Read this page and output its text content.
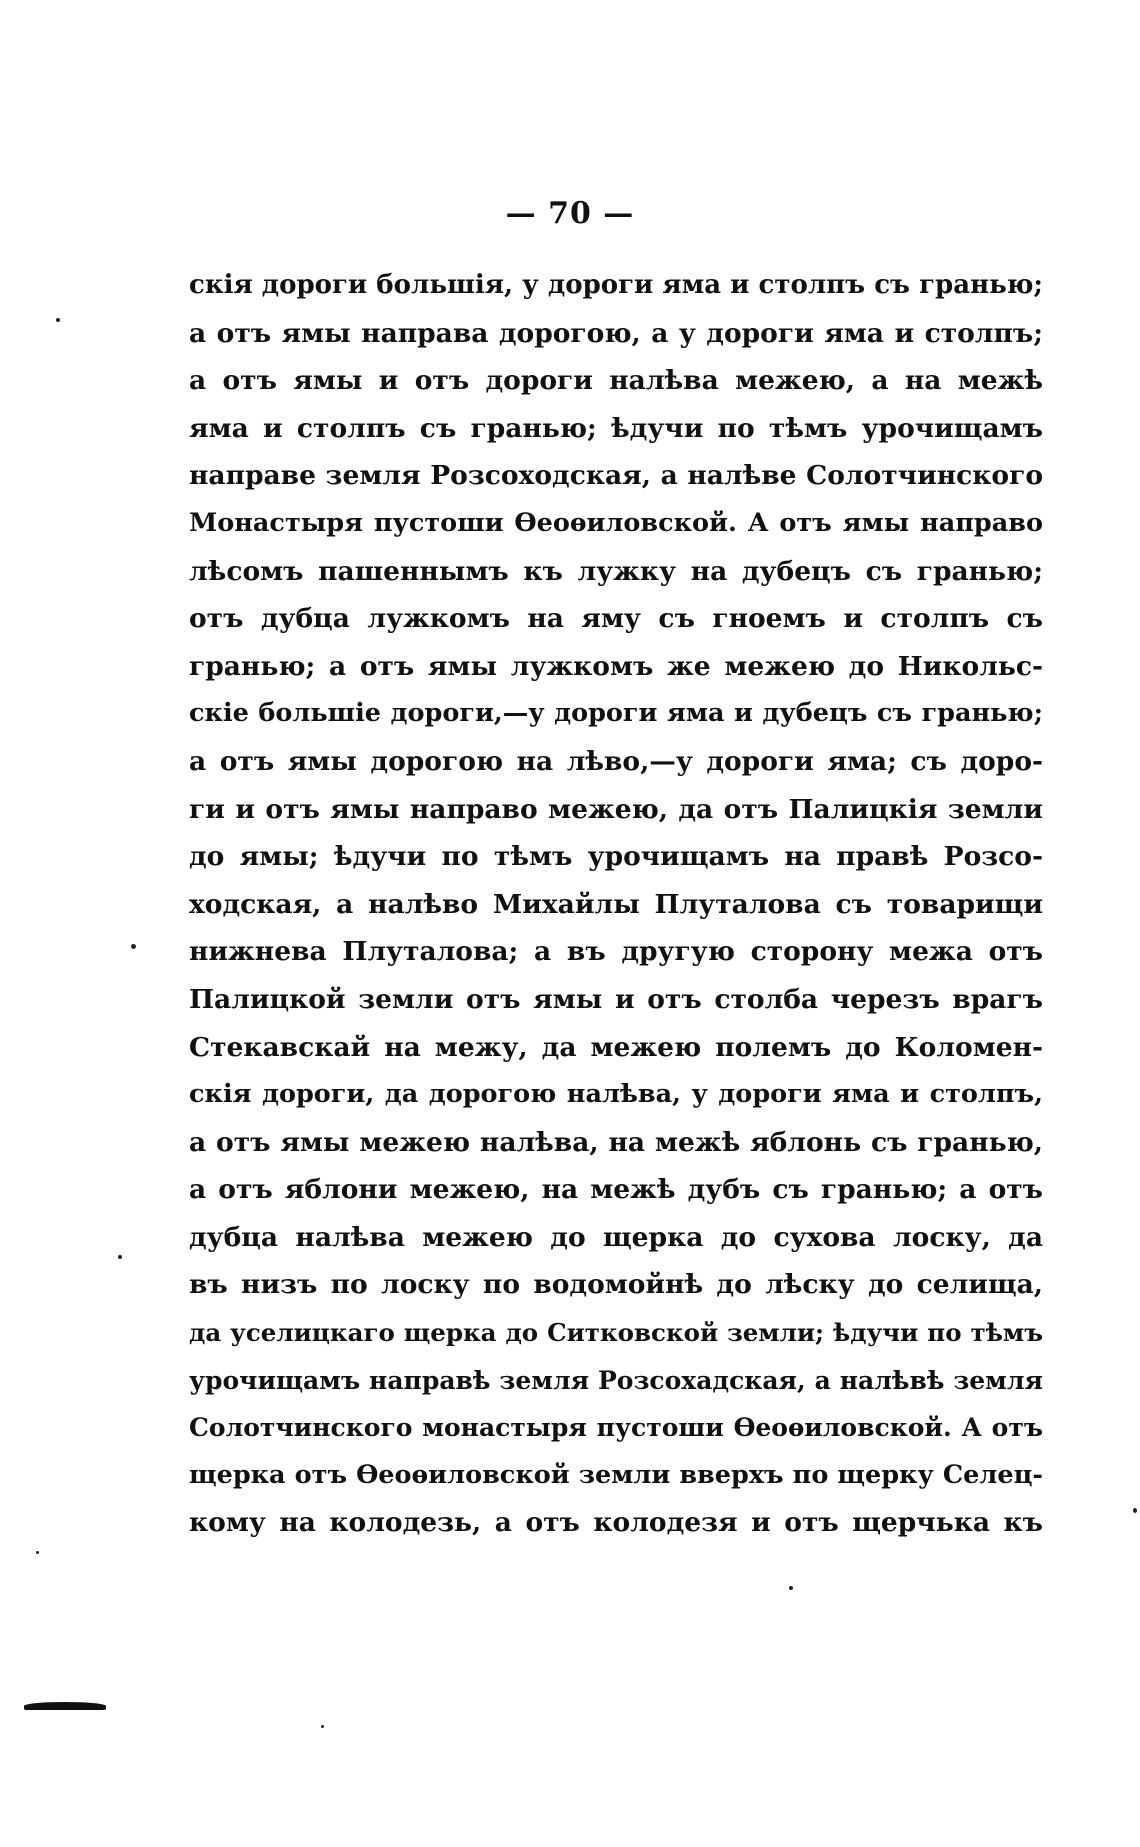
— 70 —
скія дороги большія, у дороги яма и столпъ съ гранью;
а отъ ямы направа дорогою, а у дороги яма и столпъ;
а отъ ямы и отъ дороги налѣва межею, а на межѣ
яма и столпъ съ гранью; ѣдучи по тѣмъ урочищамъ
направе земля Розсоходская, а налѣве Солотчинского
Монастыря пустоши Ѳеоѳиловской. А отъ ямы направо
лѣсомъ пашеннымъ къ лужку на дубецъ съ гранью;
отъ дубца лужкомъ на яму съ гноемъ и столпъ съ
гранью; а отъ ямы лужкомъ же межею до Никольс-
скіе большіе дороги,—у дороги яма и дубецъ съ гранью;
а отъ ямы дорогою на лѣво,—у дороги яма; съ доро-
ги и отъ ямы направо межею, да отъ Палицкія земли
до ямы; ѣдучи по тѣмъ урочищамъ на правѣ Розсо-
ходская, а налѣво Михайлы Плуталова съ товарищи
нижнева Плуталова; а въ другую сторону межа отъ
Палицкой земли отъ ямы и отъ столба черезъ врагъ
Стекавскай на межу, да межею полемъ до Коломен-
скія дороги, да дорогою налѣва, у дороги яма и столпъ,
а отъ ямы межею налѣва, на межѣ яблонь съ гранью,
а отъ яблони межею, на межѣ дубъ съ гранью; а отъ
дубца налѣва межею до щерка до сухова лоску, да
въ низъ по лоску по водомойнѣ до лѣску до селища,
да уселицкаго щерка до Ситковской земли; ѣдучи по тѣмъ
урочищамъ направѣ земля Розсохадская, а налѣвѣ земля
Солотчинского монастыря пустоши Ѳеоѳиловской. А отъ
щерка отъ Ѳеоѳиловской земли вверхъ по щерку Селец-
кому на колодезь, а отъ колодезя и отъ щерчька къ
